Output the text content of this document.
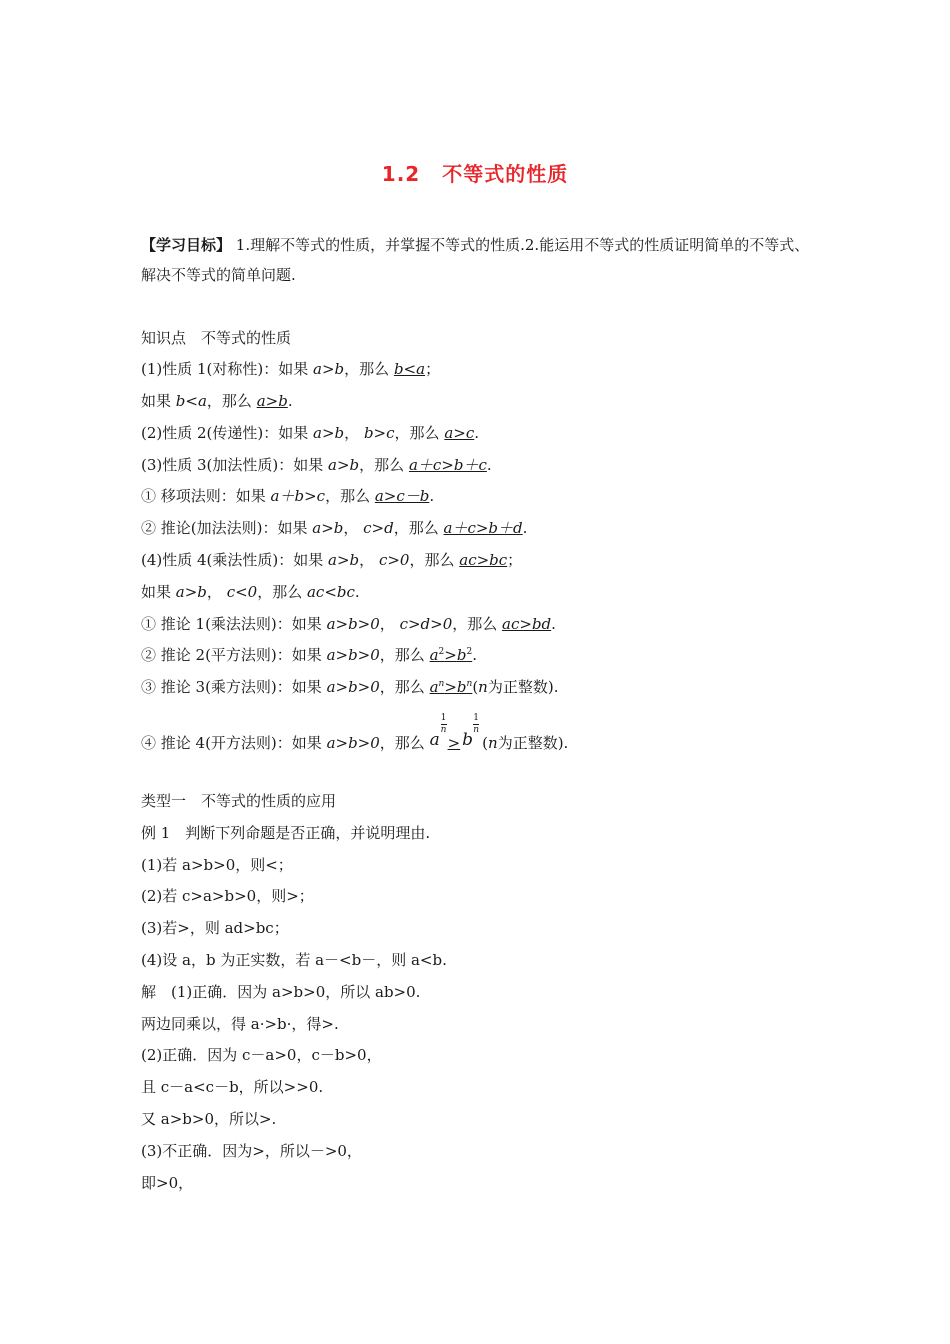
1.2 不等式的性质
【学习目标】 1.理解不等式的性质，并掌握不等式的性质.2.能运用不等式的性质证明简单的不等式、解决不等式的简单问题.
知识点　不等式的性质
(1)性质 1(对称性)：如果 a>b，那么 b<a；
如果 b<a，那么 a>b.
(2)性质 2(传递性)：如果 a>b， b>c，那么 a>c.
(3)性质 3(加法性质)：如果 a>b，那么 a＋c>b＋c.
① 移项法则：如果 a＋b>c，那么 a>c－b.
② 推论(加法法则)：如果 a>b， c>d，那么 a＋c>b＋d.
(4)性质 4(乘法性质)：如果 a>b， c>0，那么 ac>bc；
如果 a>b， c<0，那么 ac<bc.
① 推论 1(乘法法则)：如果 a>b>0， c>d>0，那么 ac>bd.
② 推论 2(平方法则)：如果 a>b>0，那么 $a^2>b^2$.
③ 推论 3(乘方法则)：如果 a>b>0，那么 $a^n>b^n(n$为正整数).
④ 推论 4(开方法则)：如果 a>b>0，那么 a
1
n
> b
1
n
(n为正整数).
类型一　不等式的性质的应用
例 1　判断下列命题是否正确，并说明理由.
(1)若 a>b>0，则<；
(2)若 c>a>b>0，则>；
(3)若>，则 ad>bc；
(4)设 a，b 为正实数，若 a－<b－，则 a<b.
解　(1)正确．因为 a>b>0，所以 ab>0.
两边同乘以，得 a·>b·，得>.
(2)正确．因为 c－a>0，c－b>0，
且 c－a<c－b，所以>>0.
又 a>b>0，所以>.
(3)不正确．因为>，所以－>0，
即>0，
